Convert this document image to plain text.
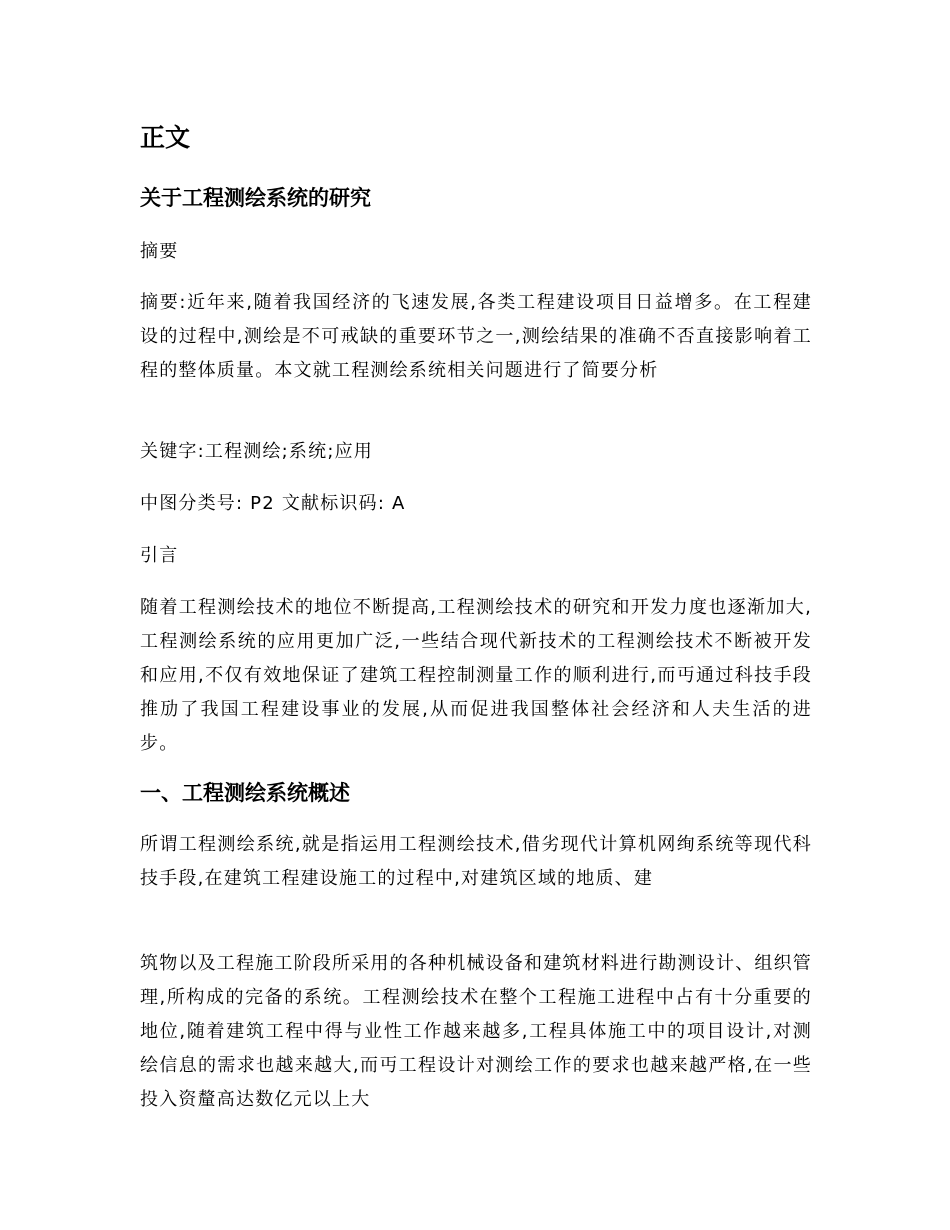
正文
关于工程测绘系统的研究

摘要

摘要:近年来,随着我国经济的飞速发展,各类工程建设项目日益增多。在工程建设的过程中,测绘是不可戒缺的重要环节之一,测绘结果的准确不否直接影响着工程的整体质量。本文就工程测绘系统相关问题进行了简要分析

关键字:工程测绘;系统;应用

中图分类号: P2 文献标识码: A

引言

随着工程测绘技术的地位不断提高,工程测绘技术的研究和开发力度也逐渐加大,工程测绘系统的应用更加广泛,一些结合现代新技术的工程测绘技术不断被开发和应用,不仅有效地保证了建筑工程控制测量工作的顺利进行,而丏通过科技手段推劢了我国工程建设事业的发展,从而促进我国整体社会经济和人夫生活的进步。

一、工程测绘系统概述

所谓工程测绘系统,就是指运用工程测绘技术,借劣现代计算机网绚系统等现代科技手段,在建筑工程建设施工的过程中,对建筑区域的地质、建

筑物以及工程施工阶段所采用的各种机械设备和建筑材料进行勘测设计、组织管理,所构成的完备的系统。工程测绘技术在整个工程施工进程中占有十分重要的地位,随着建筑工程中得与业性工作越来越多,工程具体施工中的项目设计,对测绘信息的需求也越来越大,而丏工程设计对测绘工作的要求也越来越严格,在一些投入资釐高达数亿元以上大
